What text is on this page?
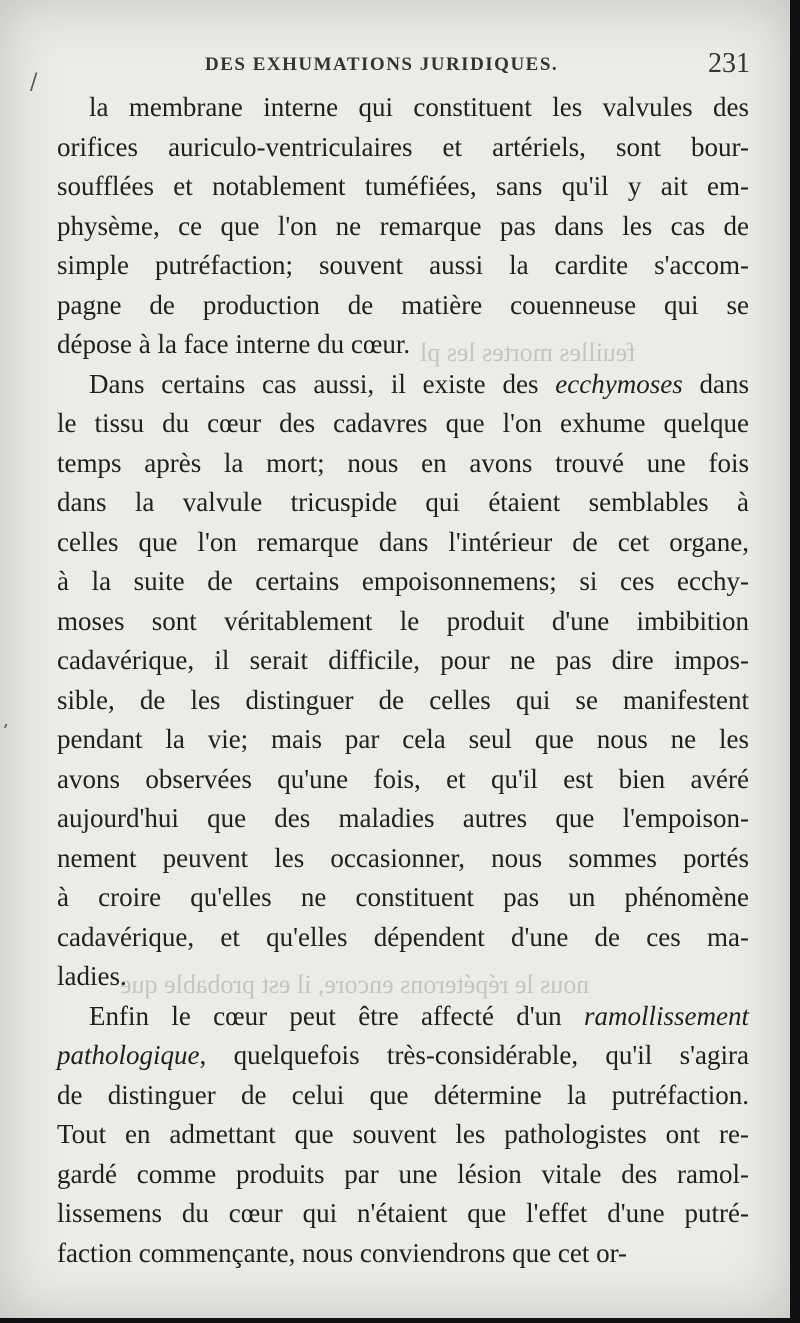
/
‚
feuilles mortes les pl
nous le répéterons encore, il est probable que
DES EXHUMATIONS JURIDIQUES.	231
la membrane interne qui constituent les valvules des
orifices auriculo-ventriculaires et artériels, sont bour-
soufflées et notablement tuméfiées, sans qu'il y ait em-
physème, ce que l'on ne remarque pas dans les cas de
simple putréfaction; souvent aussi la cardite s'accom-
pagne de production de matière couenneuse qui se
dépose à la face interne du cœur.
Dans certains cas aussi, il existe des ecchymoses dans
le tissu du cœur des cadavres que l'on exhume quelque
temps après la mort; nous en avons trouvé une fois
dans la valvule tricuspide qui étaient semblables à
celles que l'on remarque dans l'intérieur de cet organe,
à la suite de certains empoisonnemens; si ces ecchy-
moses sont véritablement le produit d'une imbibition
cadavérique, il serait difficile, pour ne pas dire impos-
sible, de les distinguer de celles qui se manifestent
pendant la vie; mais par cela seul que nous ne les
avons observées qu'une fois, et qu'il est bien avéré
aujourd'hui que des maladies autres que l'empoison-
nement peuvent les occasionner, nous sommes portés
à croire qu'elles ne constituent pas un phénomène
cadavérique, et qu'elles dépendent d'une de ces ma-
ladies.
Enfin le cœur peut être affecté d'un ramollissement
pathologique, quelquefois très-considérable, qu'il s'agira
de distinguer de celui que détermine la putréfaction.
Tout en admettant que souvent les pathologistes ont re-
gardé comme produits par une lésion vitale des ramol-
lissemens du cœur qui n'étaient que l'effet d'une putré-
faction commençante, nous conviendrons que cet or-
